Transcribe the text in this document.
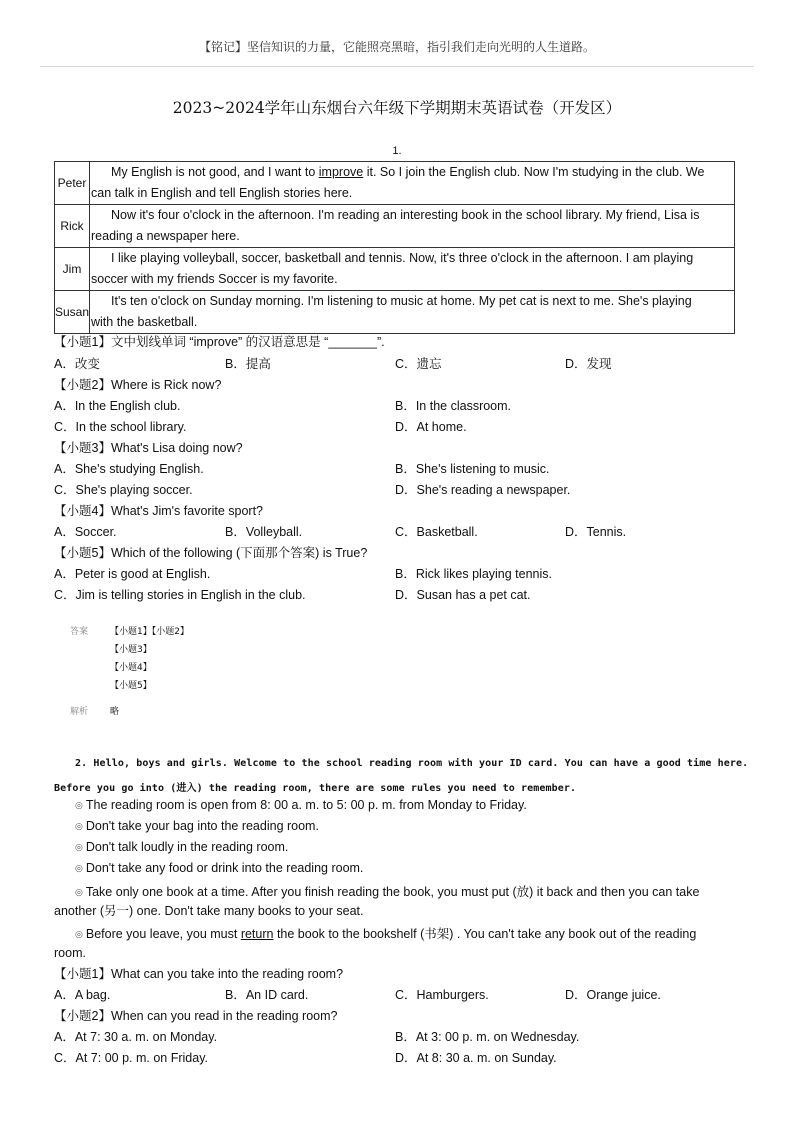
【铭记】坚信知识的力量，它能照亮黑暗，指引我们走向光明的人生道路。
2023~2024学年山东烟台六年级下学期期末英语试卷（开发区）
1.
Peter	My English is not good, and I want to improve it. So I join the English club. Now I'm studying in the club. We
can talk in English and tell English stories here.
Rick	Now it's four o'clock in the afternoon. I'm reading an interesting book in the school library. My friend, Lisa is
reading a newspaper here.
Jim	I like playing volleyball, soccer, basketball and tennis. Now, it's three o'clock in the afternoon. I am playing
soccer with my friends Soccer is my favorite.
Susan	It's ten o'clock on Sunday morning. I'm listening to music at home. My pet cat is next to me. She's playing
with the basketball.
【小题1】文中划线单词 “improve” 的汉语意思是 “_______”.
A．改变	B．提高	C．遗忘	D．发现
【小题2】Where is Rick now?
A．In the English club.	B．In the classroom.
C．In the school library.	D．At home.
【小题3】What's Lisa doing now?
A．She's studying English.	B．She's listening to music.
C．She's playing soccer.	D．She's reading a newspaper.
【小题4】What's Jim's favorite sport?
A．Soccer.	B．Volleyball.	C．Basketball.	D．Tennis.
【小题5】Which of the following (下面那个答案) is True?
A．Peter is good at English.	B．Rick likes playing tennis.
C．Jim is telling stories in English in the club.	D．Susan has a pet cat.
答案 【小题1】【小题2】
【小题3】
【小题4】
【小题5】
解析 略
2. Hello, boys and girls. Welcome to the school reading room with your ID card. You can have a good time here.
Before you go into (进入) the reading room, there are some rules you need to remember.
◎ The reading room is open from 8: 00 a. m. to 5: 00 p. m. from Monday to Friday.
◎ Don't take your bag into the reading room.
◎ Don't talk loudly in the reading room.
◎ Don't take any food or drink into the reading room.
◎ Take only one book at a time. After you finish reading the book, you must put (放) it back and then you can take
another (另一) one. Don't take many books to your seat.
◎ Before you leave, you must return the book to the bookshelf (书架) . You can't take any book out of the reading
room.
【小题1】What can you take into the reading room?
A．A bag.	B．An ID card.	C．Hamburgers.	D．Orange juice.
【小题2】When can you read in the reading room?
A．At 7: 30 a. m. on Monday.	B．At 3: 00 p. m. on Wednesday.
C．At 7: 00 p. m. on Friday.	D．At 8: 30 a. m. on Sunday.
